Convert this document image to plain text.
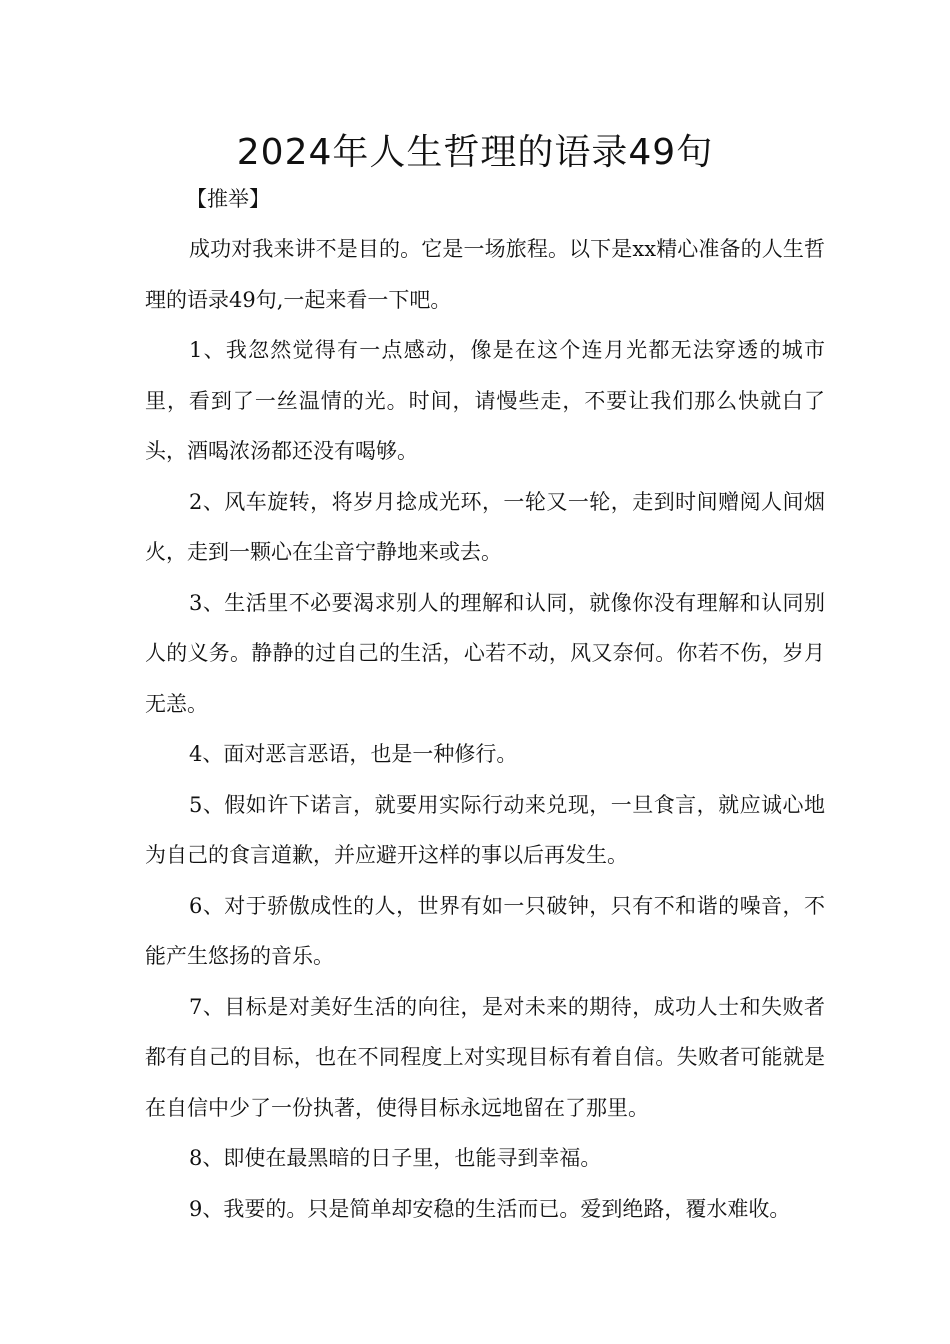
2024年人生哲理的语录49句
【推举】

成功对我来讲不是目的。它是一场旅程。以下是xx精心准备的人生哲理的语录49句,一起来看一下吧。

1、我忽然觉得有一点感动，像是在这个连月光都无法穿透的城市里，看到了一丝温情的光。时间，请慢些走，不要让我们那么快就白了头，酒喝浓汤都还没有喝够。

2、风车旋转，将岁月捻成光环，一轮又一轮，走到时间赠阅人间烟火，走到一颗心在尘音宁静地来或去。

3、生活里不必要渴求别人的理解和认同，就像你没有理解和认同别人的义务。静静的过自己的生活，心若不动，风又奈何。你若不伤，岁月无恙。

4、面对恶言恶语，也是一种修行。

5、假如许下诺言，就要用实际行动来兑现，一旦食言，就应诚心地为自己的食言道歉，并应避开这样的事以后再发生。

6、对于骄傲成性的人，世界有如一只破钟，只有不和谐的噪音，不能产生悠扬的音乐。

7、目标是对美好生活的向往，是对未来的期待，成功人士和失败者都有自己的目标，也在不同程度上对实现目标有着自信。失败者可能就是在自信中少了一份执著，使得目标永远地留在了那里。

8、即使在最黑暗的日子里，也能寻到幸福。

9、我要的。只是简单却安稳的生活而已。爱到绝路，覆水难收。
